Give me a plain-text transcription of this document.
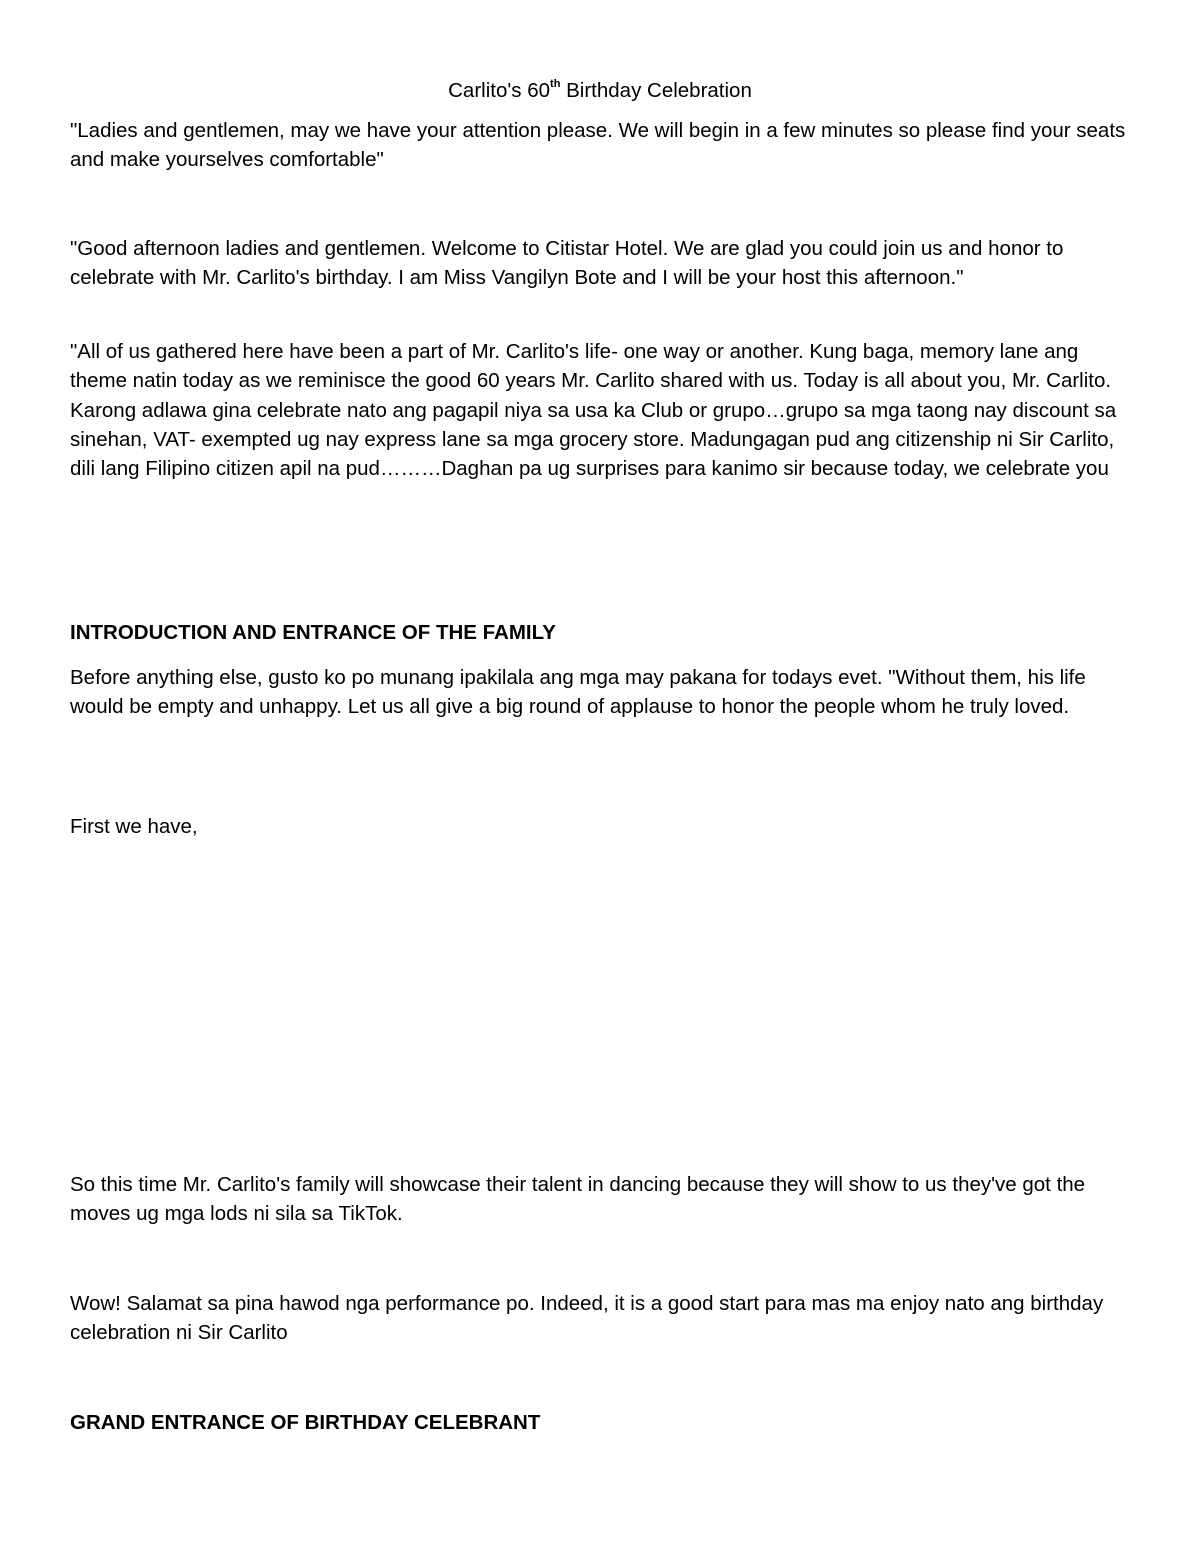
Carlito's 60th Birthday Celebration

"Ladies and gentlemen, may we have your attention please. We will begin in a few minutes so please find your seats and make yourselves comfortable"

"Good afternoon ladies and gentlemen. Welcome to Citistar Hotel. We are glad you could join us and honor to celebrate with Mr. Carlito's birthday. I am Miss Vangilyn Bote and I will be your host this afternoon."

"All of us gathered here have been a part of Mr. Carlito's life- one way or another. Kung baga, memory lane ang theme natin today as we reminisce the good 60 years Mr. Carlito shared with us. Today is all about you, Mr. Carlito. Karong adlawa gina celebrate nato ang pagapil niya sa usa ka Club or grupo…grupo sa mga taong nay discount sa sinehan, VAT- exempted ug nay express lane sa mga grocery store. Madungagan pud ang citizenship ni Sir Carlito, dili lang Filipino citizen apil na pud………Daghan pa ug surprises para kanimo sir because today, we celebrate you

INTRODUCTION AND ENTRANCE OF THE FAMILY

Before anything else, gusto ko po munang ipakilala ang mga may pakana for todays evet. "Without them, his life would be empty and unhappy. Let us all give a big round of applause to honor the people whom he truly loved.

First we have,

So this time Mr. Carlito's family will showcase their talent in dancing because they will show to us they've got the moves ug mga lods ni sila sa TikTok.

Wow! Salamat sa pina hawod nga performance po. Indeed, it is a good start para mas ma enjoy nato ang birthday celebration ni Sir Carlito

GRAND ENTRANCE OF BIRTHDAY CELEBRANT
